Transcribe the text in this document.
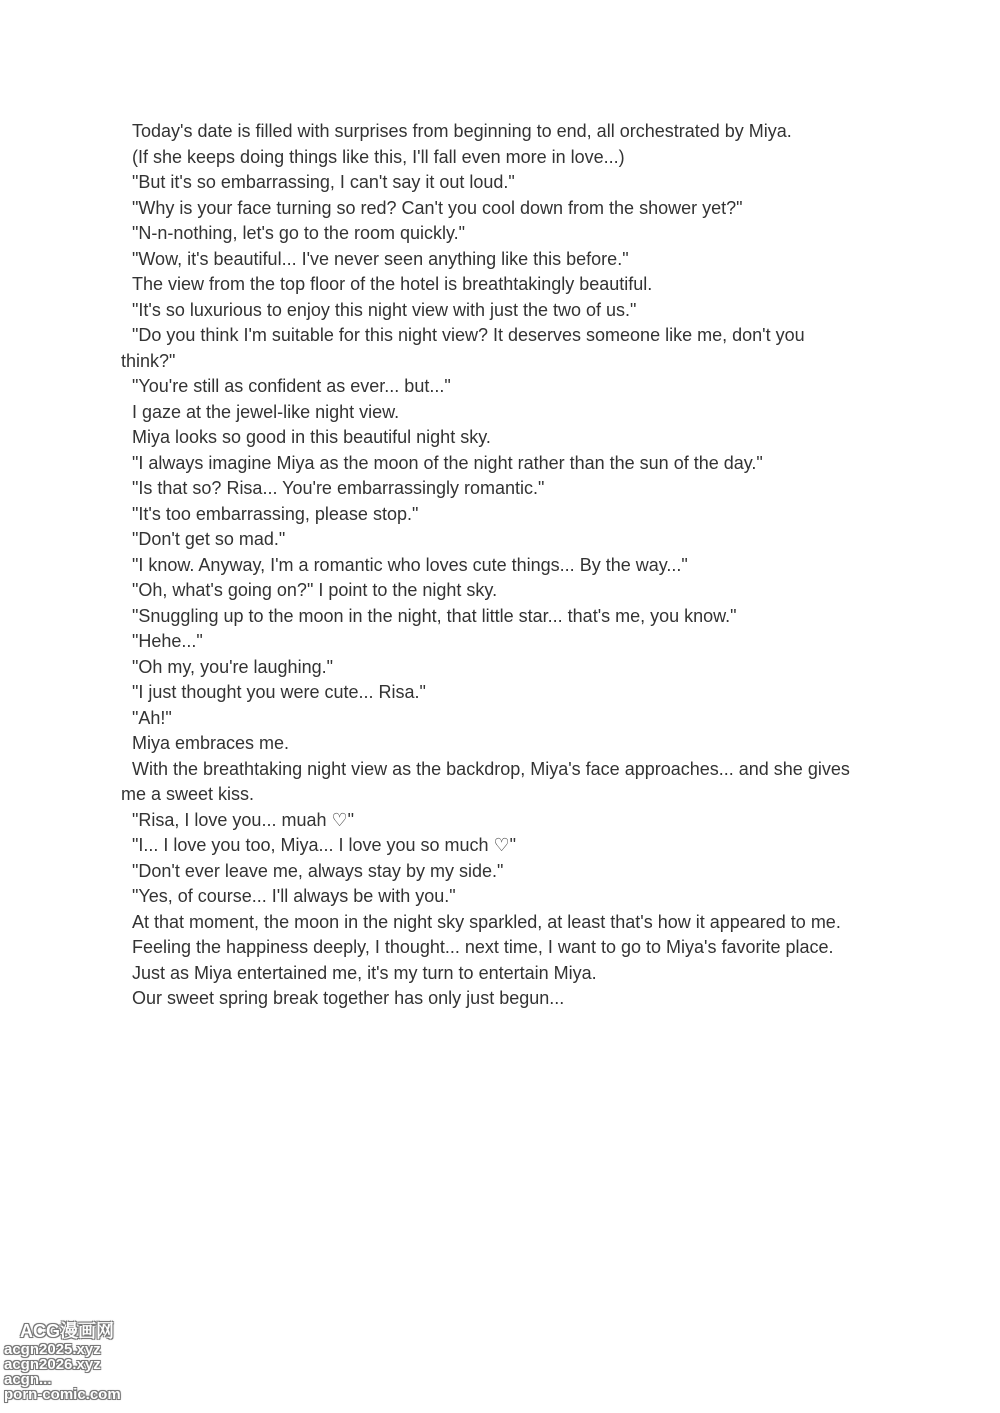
Today's date is filled with surprises from beginning to end, all orchestrated by Miya.

(If she keeps doing things like this, I'll fall even more in love...)

"But it's so embarrassing, I can't say it out loud."

"Why is your face turning so red? Can't you cool down from the shower yet?"

"N-n-nothing, let's go to the room quickly."

"Wow, it's beautiful... I've never seen anything like this before."

The view from the top floor of the hotel is breathtakingly beautiful.

"It's so luxurious to enjoy this night view with just the two of us."

"Do you think I'm suitable for this night view? It deserves someone like me, don't you think?"

"You're still as confident as ever... but..."

I gaze at the jewel-like night view.

Miya looks so good in this beautiful night sky.

"I always imagine Miya as the moon of the night rather than the sun of the day."

"Is that so? Risa... You're embarrassingly romantic."

"It's too embarrassing, please stop."

"Don't get so mad."

"I know. Anyway, I'm a romantic who loves cute things... By the way..."

"Oh, what's going on?" I point to the night sky.

"Snuggling up to the moon in the night, that little star... that's me, you know."

"Hehe..."

"Oh my, you're laughing."

"I just thought you were cute... Risa."

"Ah!"

Miya embraces me.

With the breathtaking night view as the backdrop, Miya's face approaches... and she gives me a sweet kiss.

"Risa, I love you... muah ♡"

"I... I love you too, Miya... I love you so much ♡"

"Don't ever leave me, always stay by my side."

"Yes, of course... I'll always be with you."

At that moment, the moon in the night sky sparkled, at least that's how it appeared to me.

Feeling the happiness deeply, I thought... next time, I want to go to Miya's favorite place.

Just as Miya entertained me, it's my turn to entertain Miya.

Our sweet spring break together has only just begun...

ACG漫画网
acgn2025.xyz
acgn2026.xyz
acgn...
porn-comic.com
